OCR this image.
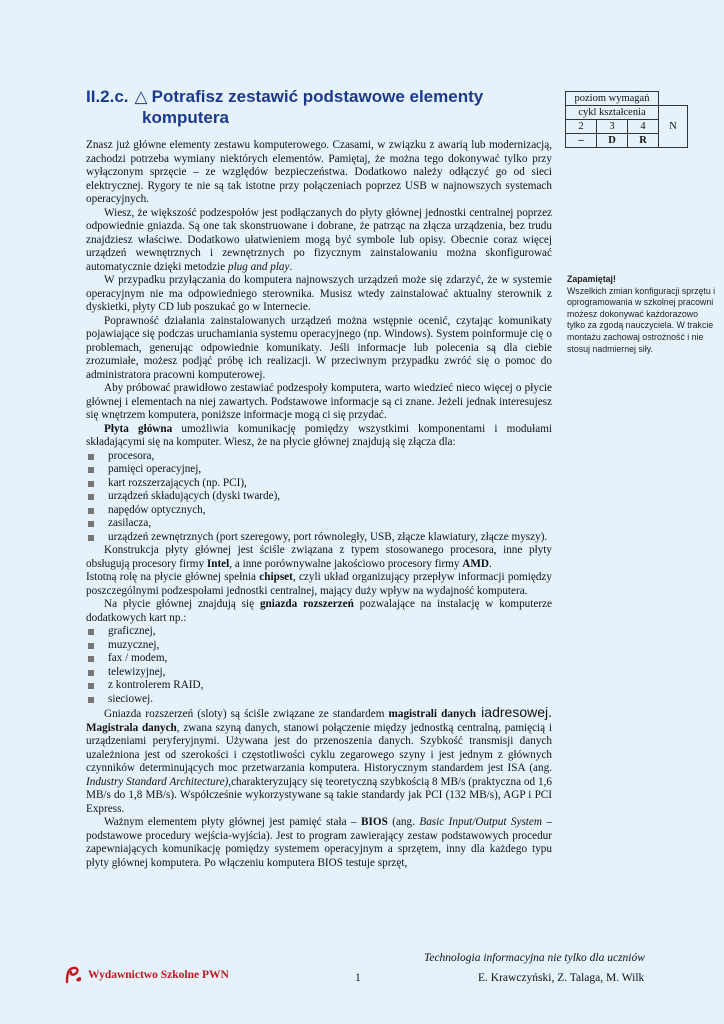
II.2.c. △ Potrafisz zestawić podstawowe elementy
komputera
poziom wymagań			
cykl kształcenia			N
2	3	4	
–	D	R	
Zapamiętaj!
Wszelkich zmian konfiguracji sprzętu i oprogramowania w szkolnej pracowni możesz dokonywać każdorazowo tylko za zgodą nauczyciela. W trakcie montażu zachowaj ostrożność i nie stosuj nadmiernej siły.

Znasz już główne elementy zestawu komputerowego. Czasami, w związku z awarią lub modernizacją, zachodzi potrzeba wymiany niektórych elementów. Pamiętaj, że można tego dokonywać tylko przy wyłączonym sprzęcie – ze względów bezpieczeństwa. Dodatkowo należy odłączyć go od sieci elektrycznej. Rygory te nie są tak istotne przy połączeniach poprzez USB w najnowszych systemach operacyjnych.

Wiesz, że większość podzespołów jest podłączanych do płyty głównej jednostki centralnej poprzez odpowiednie gniazda. Są one tak skonstruowane i dobrane, że patrząc na złącza urządzenia, bez trudu znajdziesz właściwe. Dodatkowo ułatwieniem mogą być symbole lub opisy. Obecnie coraz więcej urządzeń wewnętrznych i zewnętrznych po fizycznym zainstalowaniu można skonfigurować automatycznie dzięki metodzie plug and play.

W przypadku przyłączania do komputera najnowszych urządzeń może się zdarzyć, że w systemie operacyjnym nie ma odpowiedniego sterownika. Musisz wtedy zainstalować aktualny sterownik z dyskietki, płyty CD lub poszukać go w Internecie.

Poprawność działania zainstalowanych urządzeń można wstępnie ocenić, czytając komunikaty pojawiające się podczas uruchamiania systemu operacyjnego (np. Windows). System poinformuje cię o problemach, generując odpowiednie komunikaty. Jeśli informacje lub polecenia są dla ciebie zrozumiałe, możesz podjąć próbę ich realizacji. W przeciwnym przypadku zwróć się o pomoc do administratora pracowni komputerowej.

Aby próbować prawidłowo zestawiać podzespoły komputera, warto wiedzieć nieco więcej o płycie głównej i elementach na niej zawartych. Podstawowe informacje są ci znane. Jeżeli jednak interesujesz się wnętrzem komputera, poniższe informacje mogą ci się przydać.

Płyta główna umożliwia komunikację pomiędzy wszystkimi komponentami i modułami składającymi się na komputer. Wiesz, że na płycie głównej znajdują się złącza dla:

procesora,
pamięci operacyjnej,
kart rozszerzających (np. PCI),
urządzeń składujących (dyski twarde),
napędów optycznych,
zasilacza,
urządzeń zewnętrznych (port szeregowy, port równoległy, USB, złącze klawiatury, złącze myszy).

Konstrukcja płyty głównej jest ściśle związana z typem stosowanego procesora, inne płyty obsługują procesory firmy Intel, a inne porównywalne jakościowo procesory firmy AMD.

Istotną rolę na płycie głównej spełnia chipset, czyli układ organizujący przepływ informacji pomiędzy poszczególnymi podzespołami jednostki centralnej, mający duży wpływ na wydajność komputera.

Na płycie głównej znajdują się gniazda rozszerzeń pozwalające na instalację w komputerze dodatkowych kart np.:

graficznej,
muzycznej,
fax / modem,
telewizyjnej,
z kontrolerem RAID,
sieciowej.

Gniazda rozszerzeń (sloty) są ściśle związane ze standardem magistrali danych iadresowej. Magistrala danych, zwana szyną danych, stanowi połączenie między jednostką centralną, pamięcią i urządzeniami peryferyjnymi. Używana jest do przenoszenia danych. Szybkość transmisji danych uzależniona jest od szerokości i częstotliwości cyklu zegarowego szyny i jest jednym z głównych czynników determinujących moc przetwarzania komputera. Historycznym standardem jest ISA (ang. Industry Standard Architecture),charakteryzujący się teoretyczną szybkością 8 MB/s (praktyczna od 1,6 MB/s do 1,8 MB/s). Współcześnie wykorzystywane są takie standardy jak PCI (132 MB/s), AGP i PCI Express.

Ważnym elementem płyty głównej jest pamięć stała – BIOS (ang. Basic Input/Output System – podstawowe procedury wejścia-wyjścia). Jest to program zawierający zestaw podstawowych procedur zapewniających komunikację pomiędzy systemem operacyjnym a sprzętem, inny dla każdego typu płyty głównej komputera. Po włączeniu komputera BIOS testuje sprzęt,

Technologia informacyjna nie tylko dla uczniów
Wydawnictwo Szkolne PWN	1	E. Krawczyński, Z. Talaga, M. Wilk
